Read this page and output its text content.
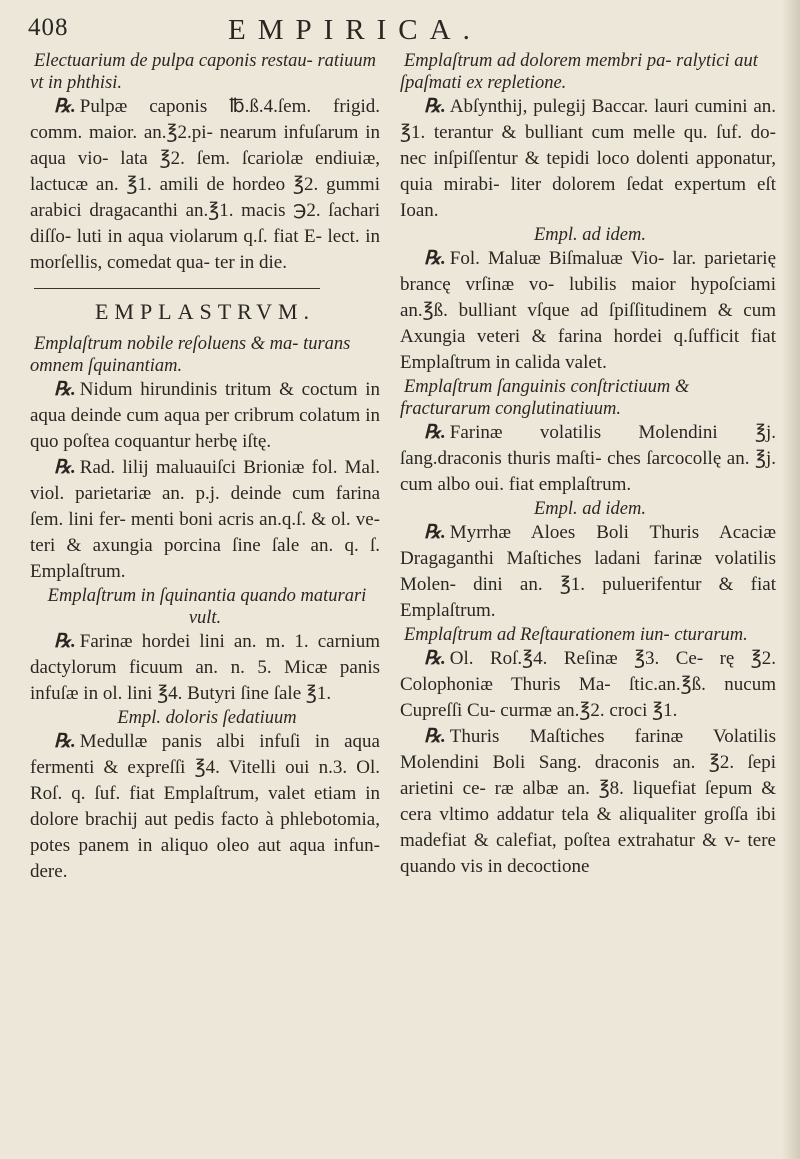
408	EMPIRICA.

Electuarium de pulpa caponis restau- ratiuum vt in phthisi.

℞. Pulpæ caponis ℔.ß.4.ſem. frigid. comm. maior. an.℥2.pi- nearum infuſarum in aqua vio- lata ℥2. ſem. ſcariolæ endiuiæ, lactucæ an. ℥1. amili de hordeo ℥2. gummi arabici dragacanthi an.℥1. macis ℈2. ſachari diſſo- luti in aqua violarum q.ſ. fiat E- lect. in morſellis, comedat qua- ter in die.

EMPLASTRVM.

Emplaſtrum nobile reſoluens & ma- turans omnem ſquinantiam.

℞. Nidum hirundinis tritum & coctum in aqua deinde cum aqua per cribrum colatum in quo poſtea coquantur herbę iſtę.

℞. Rad. lilij maluauiſci Brioniæ fol. Mal. viol. parietariæ an. p.j. deinde cum farina ſem. lini fer- menti boni acris an.q.ſ. & ol. ve- teri & axungia porcina ſine ſale an. q. ſ. Emplaſtrum.

Emplaſtrum in ſquinantia quando maturari vult.

℞. Farinæ hordei lini an. m. 1. carnium dactylorum ficuum an. n. 5. Micæ panis infuſæ in ol. lini ℥4. Butyri ſine ſale ℥1.

Empl. doloris ſedatiuum

℞. Medullæ panis albi infuſi in aqua fermenti & expreſſi ℥4. Vitelli oui n.3. Ol. Roſ. q. ſuf. fiat Emplaſtrum, valet etiam in dolore brachij aut pedis facto à phlebotomia, potes panem in aliquo oleo aut aqua infun- dere.

Emplaſtrum ad dolorem membri pa- ralytici aut ſpaſmati ex repletione.

℞. Abſynthij, pulegij Baccar. lauri cumini an. ℥1. terantur & bulliant cum melle qu. ſuf. do- nec inſpiſſentur & tepidi loco dolenti apponatur, quia mirabi- liter dolorem ſedat expertum eſt Ioan.

Empl. ad idem.

℞. Fol. Maluæ Biſmaluæ Vio- lar. parietarię brancę vrſinæ vo- lubilis maior hypoſciami an.℥ß. bulliant vſque ad ſpiſſitudinem & cum Axungia veteri & farina hordei q.ſufficit fiat Emplaſtrum in calida valet.

Emplaſtrum ſanguinis conſtrictiuum & fracturarum conglutinatiuum.

℞. Farinæ volatilis Molendini ℥j. ſang.draconis thuris maſti- ches ſarcocollę an. ℥j. cum albo oui. fiat emplaſtrum.

Empl. ad idem.

℞. Myrrhæ Aloes Boli Thuris Acaciæ Dragaganthi Maſtiches ladani farinæ volatilis Molen- dini an. ℥1. puluerifentur & fiat Emplaſtrum.

Emplaſtrum ad Reſtaurationem iun- cturarum.

℞. Ol. Roſ.℥4. Reſinæ ℥3. Ce- rę ℥2. Colophoniæ Thuris Ma- ſtic.an.℥ß. nucum Cupreſſi Cu- curmæ an.℥2. croci ℥1.

℞. Thuris Maſtiches farinæ Volatilis Molendini Boli Sang. draconis an. ℥2. ſepi arietini ce- ræ albæ an. ℥8. liquefiat ſepum & cera vltimo addatur tela & aliqualiter groſſa ibi madefiat & calefiat, poſtea extrahatur & v- tere quando vis in decoctione
